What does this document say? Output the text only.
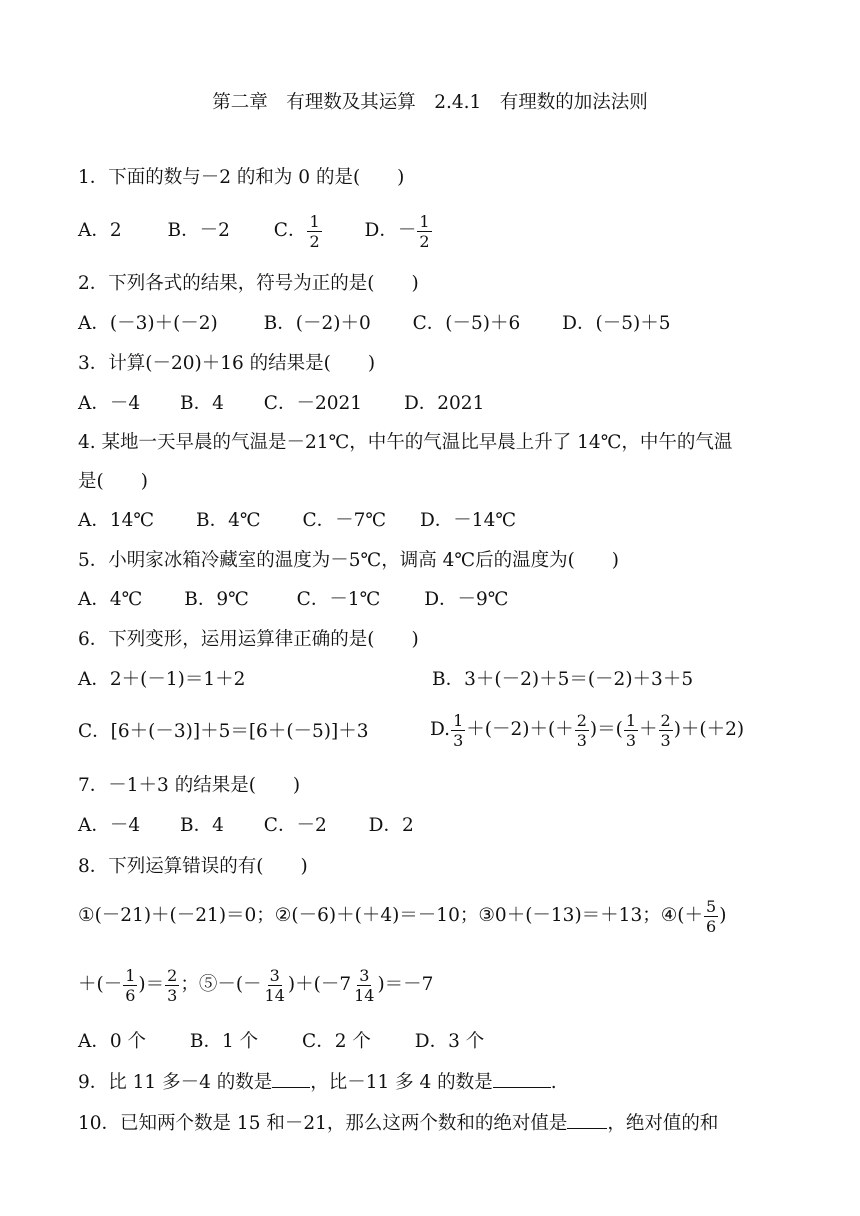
第二章　有理数及其运算　2.4.1　有理数的加法法则
1．下面的数与－2 的和为 0 的是(　　)
A．2 B．－2 C． $\frac{1}{2}$ D．－ $\frac{1}{2}$
2．下列各式的结果，符号为正的是(　　)
A．(－3)＋(－2) B．(－2)＋0 C．(－5)＋6 D．(－5)＋5
3．计算(－20)＋16 的结果是(　　)
A．－4 B．4 C．－2021 D．2021
4. 某地一天早晨的气温是－21℃，中午的气温比早晨上升了 14℃，中午的气温
是(　　)
A．14℃ B．4℃ C．－7℃ D．－14℃
5．小明家冰箱冷藏室的温度为－5℃，调高 4℃后的温度为(　　)
A．4℃ B．9℃	C．－1℃ D．－9℃
6．下列变形，运用运算律正确的是(　　)
A．2＋(－1)＝1＋2	B．3＋(－2)＋5＝(－2)＋3＋5
C．[6＋(－3)]＋5＝[6＋(－5)]＋3	D. $\frac{1}{3} +(-2)+(+ \frac{2}{3}$ )＝( $\frac{1}{3} + \frac{2}{3} )+(+2)$
7．－1＋3 的结果是(　　)
A．－4 B．4 C．－2 D．2
8．下列运算错误的有(　　)
①(－21)＋(－21)＝0；②(－6)＋(＋4)＝－10；③0＋(－13)＝＋13；④(＋ $\frac{5}{6}$ )
＋(－ $\frac{1}{6}$ )＝ $\frac{2}{3}$ ；⑤－(－ $\frac{3}{14} )+(-7 \frac{3}{14} )=-7$
A．0 个 B．1 个 C．2 个 D．3 个
9．比 11 多－4 的数是 ，比－11 多 4 的数是	.
10．已知两个数是 15 和－21，那么这两个数和的绝对值是 ，绝对值的和
